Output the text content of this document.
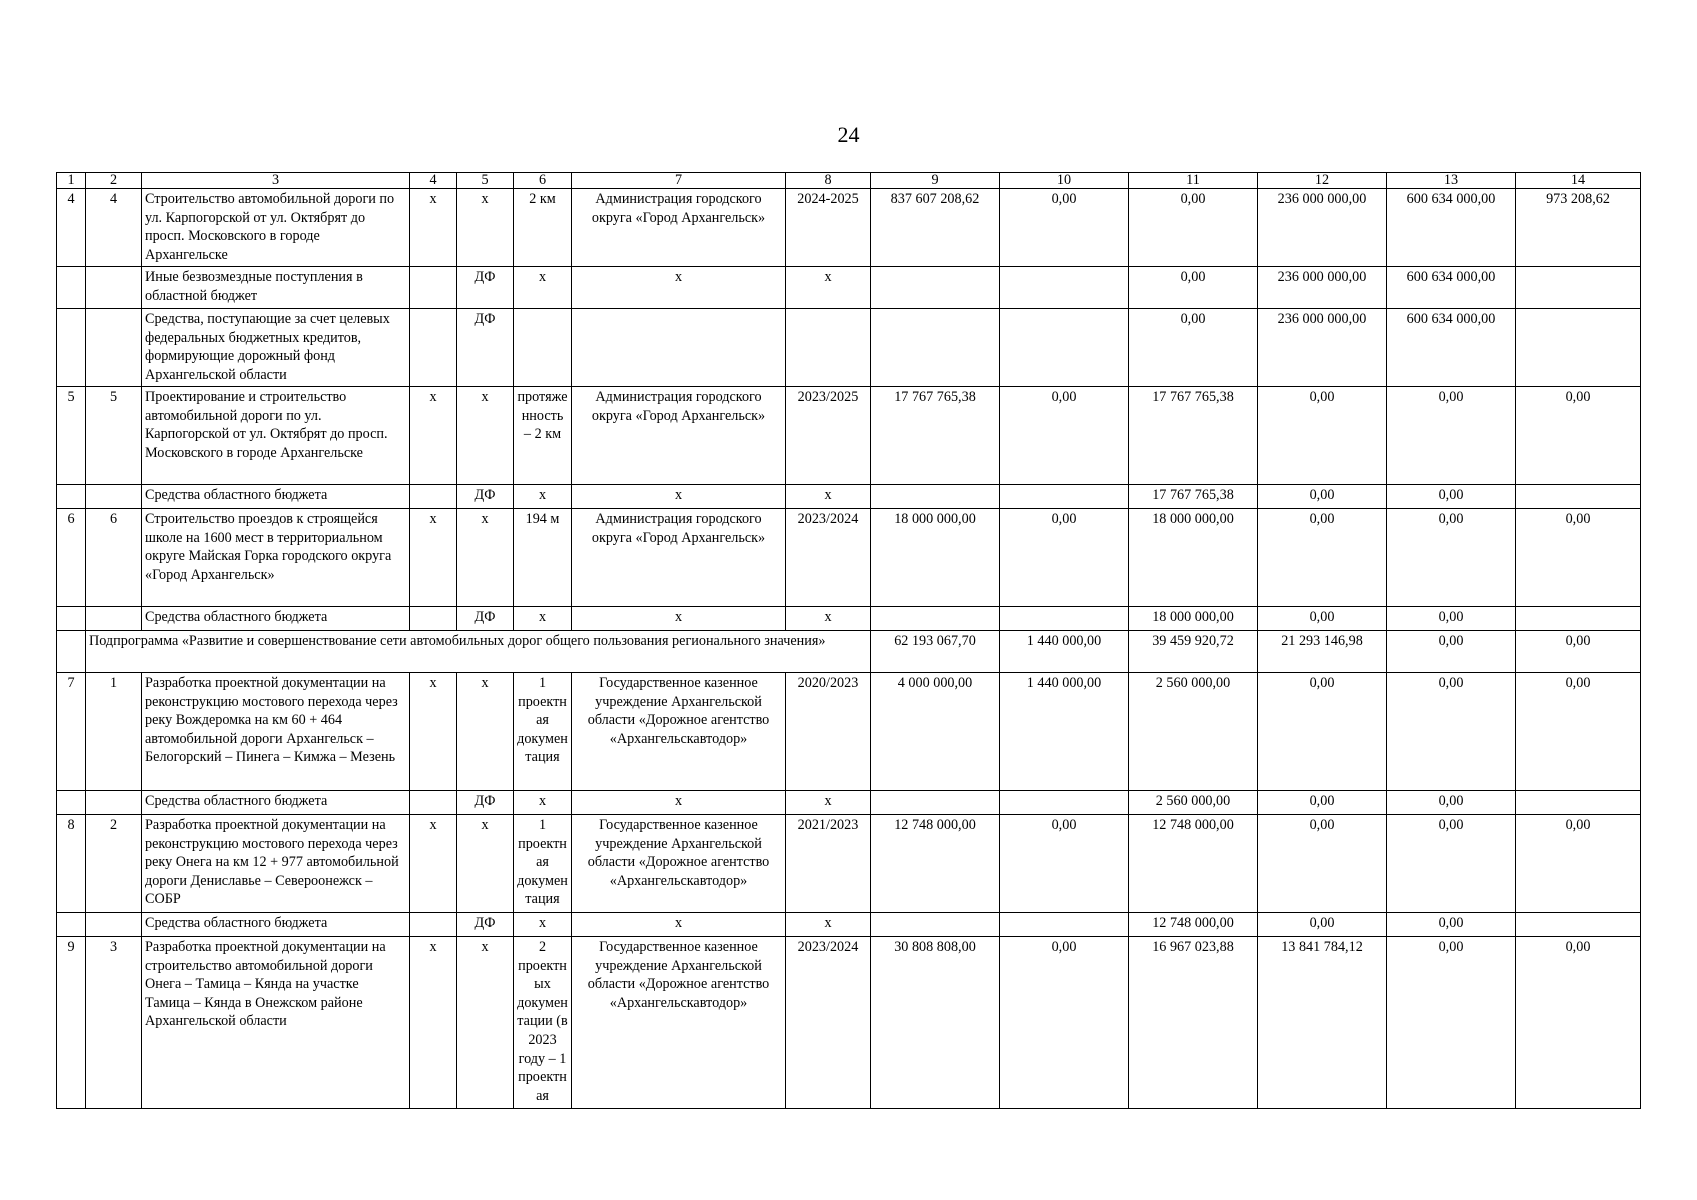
24
1	2	3	4	5	6	7	8	9	10	11	12	13	14
4	4	Строительство автомобильной дороги по ул. Карпогорской от ул. Октябрят до просп. Московского в городе Архангельске	х	х	2 км	Администрация городского округа «Город Архангельск»	2024-2025	837 607 208,62	0,00	0,00	236 000 000,00	600 634 000,00	973 208,62
		Иные безвозмездные поступления в областной бюджет		ДФ	х	х	х			0,00	236 000 000,00	600 634 000,00	
		Средства, поступающие за счет целевых федеральных бюджетных кредитов, формирующие дорожный фонд Архангельской области		ДФ						0,00	236 000 000,00	600 634 000,00	
5	5	Проектирование и строительство автомобильной дороги по ул. Карпогорской от ул. Октябрят до просп. Московского в городе Архангельске	х	х	протяженность – 2 км	Администрация городского округа «Город Архангельск»	2023/2025	17 767 765,38	0,00	17 767 765,38	0,00	0,00	0,00
		Средства областного бюджета		ДФ	х	х	х			17 767 765,38	0,00	0,00	
6	6	Строительство проездов к строящейся школе на 1600 мест в территориальном округе Майская Горка городского округа «Город Архангельск»	х	х	194 м	Администрация городского округа «Город Архангельск»	2023/2024	18 000 000,00	0,00	18 000 000,00	0,00	0,00	0,00
		Средства областного бюджета		ДФ	х	х	х			18 000 000,00	0,00	0,00	
	Подпрограмма «Развитие и совершенствование сети автомобильных дорог общего пользования регионального значения»							62 193 067,70	1 440 000,00	39 459 920,72	21 293 146,98	0,00	0,00
7	1	Разработка проектной документации на реконструкцию мостового перехода через реку Вождеромка на км 60 + 464 автомобильной дороги Архангельск – Белогорский – Пинега – Кимжа – Мезень	х	х	1 проектная документация	Государственное казенное учреждение Архангельской области «Дорожное агентство «Архангельскавтодор»	2020/2023	4 000 000,00	1 440 000,00	2 560 000,00	0,00	0,00	0,00
		Средства областного бюджета		ДФ	х	х	х			2 560 000,00	0,00	0,00	
8	2	Разработка проектной документации на реконструкцию мостового перехода через реку Онега на км 12 + 977 автомобильной дороги Дениславье – Североонежск – СОБР	х	х	1 проектная документация	Государственное казенное учреждение Архангельской области «Дорожное агентство «Архангельскавтодор»	2021/2023	12 748 000,00	0,00	12 748 000,00	0,00	0,00	0,00
		Средства областного бюджета		ДФ	х	х	х			12 748 000,00	0,00	0,00	
9	3	Разработка проектной документации на строительство автомобильной дороги Онега – Тамица – Кянда на участке Тамица – Кянда в Онежском районе Архангельской области	х	х	2 проектных документации (в 2023 году – 1 проектная	Государственное казенное учреждение Архангельской области «Дорожное агентство «Архангельскавтодор»	2023/2024	30 808 808,00	0,00	16 967 023,88	13 841 784,12	0,00	0,00
